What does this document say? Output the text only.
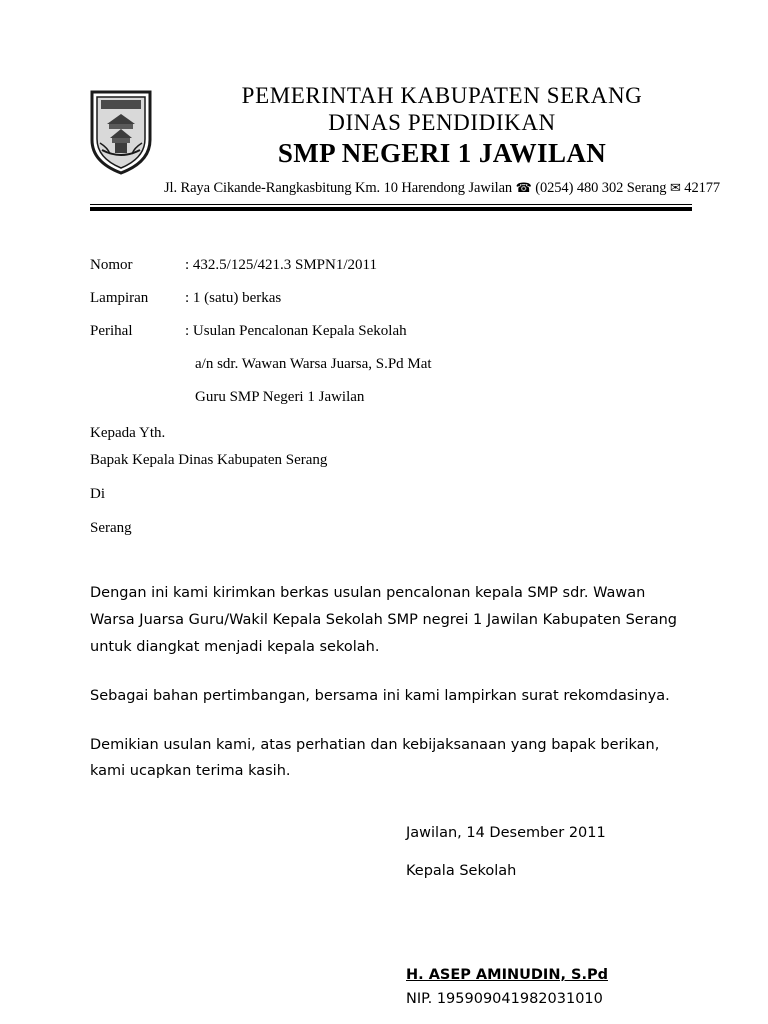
PEMERINTAH KABUPATEN SERANG
DINAS PENDIDIKAN
SMP NEGERI 1 JAWILAN
Jl. Raya Cikande-Rangkasbitung Km. 10 Harendong Jawilan ☎ (0254) 480 302 Serang ✉ 42177
Nomor	: 432.5/125/421.3 SMPN1/2011
Lampiran	: 1 (satu) berkas
Perihal	: Usulan Pencalonan Kepala Sekolah
a/n sdr. Wawan Warsa Juarsa, S.Pd Mat
Guru SMP Negeri 1 Jawilan
Kepada Yth.
Bapak Kepala Dinas Kabupaten Serang
Di
Serang

Dengan ini kami kirimkan berkas usulan pencalonan kepala SMP sdr. Wawan Warsa Juarsa Guru/Wakil Kepala Sekolah SMP negrei 1 Jawilan Kabupaten Serang untuk diangkat menjadi kepala sekolah.

Sebagai bahan pertimbangan, bersama ini kami lampirkan surat rekomdasinya.

Demikian usulan kami, atas perhatian dan kebijaksanaan yang bapak berikan, kami ucapkan terima kasih.

Jawilan, 14 Desember 2011
Kepala Sekolah
H. ASEP AMINUDIN, S.Pd
NIP. 195909041982031010
